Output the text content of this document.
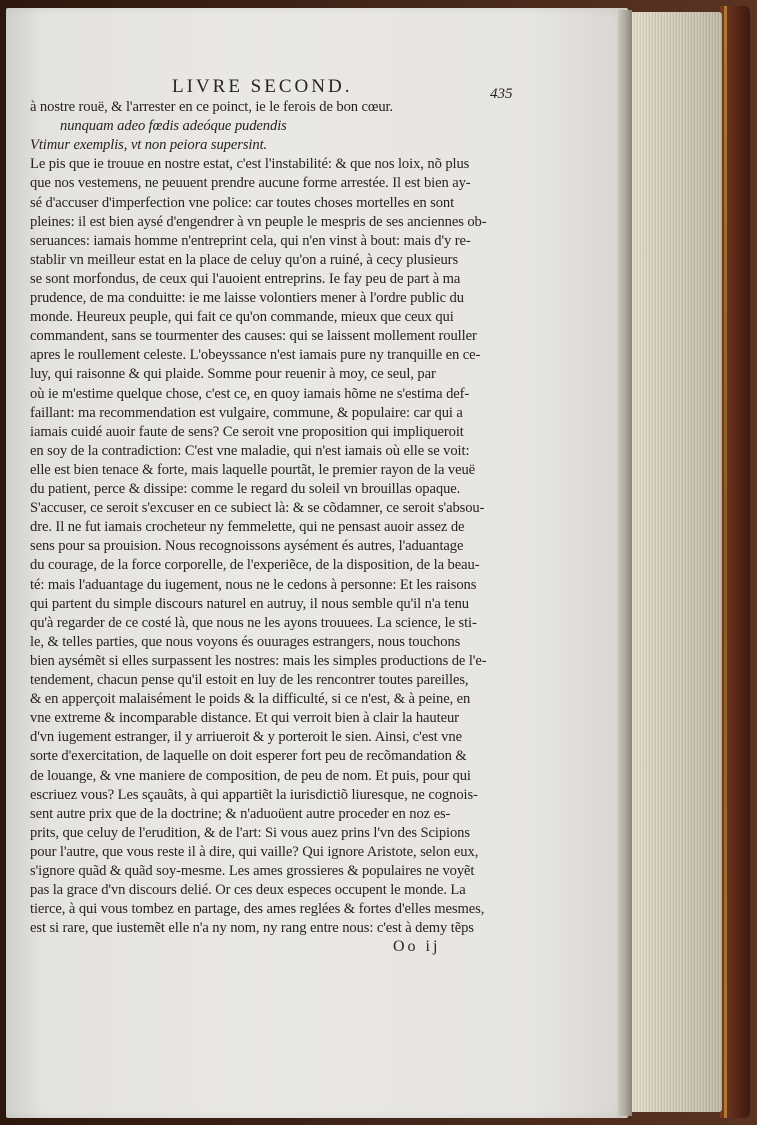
LIVRE SECOND.	435
à nostre rouë, & l'arrester en ce poinct, ie le ferois de bon cœur.
nunquam adeo fœdis adeóque pudendis
Vtimur exemplis, vt non peiora supersint.
Le pis que ie trouue en nostre estat, c'est l'instabilité: & que nos loix, nõ plus
que nos vestemens, ne peuuent prendre aucune forme arrestée. Il est bien ay-
sé d'accuser d'imperfection vne police: car toutes choses mortelles en sont
pleines: il est bien aysé d'engendrer à vn peuple le mespris de ses anciennes ob-
seruances: iamais homme n'entreprint cela, qui n'en vinst à bout: mais d'y re-
stablir vn meilleur estat en la place de celuy qu'on a ruiné, à cecy plusieurs
se sont morfondus, de ceux qui l'auoient entreprins. Ie fay peu de part à ma
prudence, de ma conduitte: ie me laisse volontiers mener à l'ordre public du
monde. Heureux peuple, qui fait ce qu'on commande, mieux que ceux qui
commandent, sans se tourmenter des causes: qui se laissent mollement rouller
apres le roullement celeste. L'obeyssance n'est iamais pure ny tranquille en ce-
luy, qui raisonne & qui plaide. Somme pour reuenir à moy, ce seul, par
où ie m'estime quelque chose, c'est ce, en quoy iamais hõme ne s'estima def-
faillant: ma recommendation est vulgaire, commune, & populaire: car qui a
iamais cuidé auoir faute de sens? Ce seroit vne proposition qui impliqueroit
en soy de la contradiction: C'est vne maladie, qui n'est iamais où elle se voit:
elle est bien tenace & forte, mais laquelle pourtãt, le premier rayon de la veuë
du patient, perce & dissipe: comme le regard du soleil vn brouillas opaque.
S'accuser, ce seroit s'excuser en ce subiect là: & se cõdamner, ce seroit s'absou-
dre. Il ne fut iamais crocheteur ny femmelette, qui ne pensast auoir assez de
sens pour sa prouision. Nous recognoissons aysément és autres, l'aduantage
du courage, de la force corporelle, de l'experiẽce, de la disposition, de la beau-
té: mais l'aduantage du iugement, nous ne le cedons à personne: Et les raisons
qui partent du simple discours naturel en autruy, il nous semble qu'il n'a tenu
qu'à regarder de ce costé là, que nous ne les ayons trouuees. La science, le sti-
le, & telles parties, que nous voyons és ouurages estrangers, nous touchons
bien aysémẽt si elles surpassent les nostres: mais les simples productions de l'e-
tendement, chacun pense qu'il estoit en luy de les rencontrer toutes pareilles,
& en apperçoit malaisément le poids & la difficulté, si ce n'est, & à peine, en
vne extreme & incomparable distance. Et qui verroit bien à clair la hauteur
d'vn iugement estranger, il y arriueroit & y porteroit le sien. Ainsi, c'est vne
sorte d'exercitation, de laquelle on doit esperer fort peu de recõmandation &
de louange, & vne maniere de composition, de peu de nom. Et puis, pour qui
escriuez vous? Les sçauãts, à qui appartiẽt la iurisdictiõ liuresque, ne cognois-
sent autre prix que de la doctrine; & n'aduoüent autre proceder en noz es-
prits, que celuy de l'erudition, & de l'art: Si vous auez prins l'vn des Scipions
pour l'autre, que vous reste il à dire, qui vaille? Qui ignore Aristote, selon eux,
s'ignore quãd & quãd soy-mesme. Les ames grossieres & populaires ne voyẽt
pas la grace d'vn discours delié. Or ces deux especes occupent le monde. La
tierce, à qui vous tombez en partage, des ames reglées & fortes d'elles mesmes,
est si rare, que iustemẽt elle n'a ny nom, ny rang entre nous: c'est à demy tẽps
Oo ij
